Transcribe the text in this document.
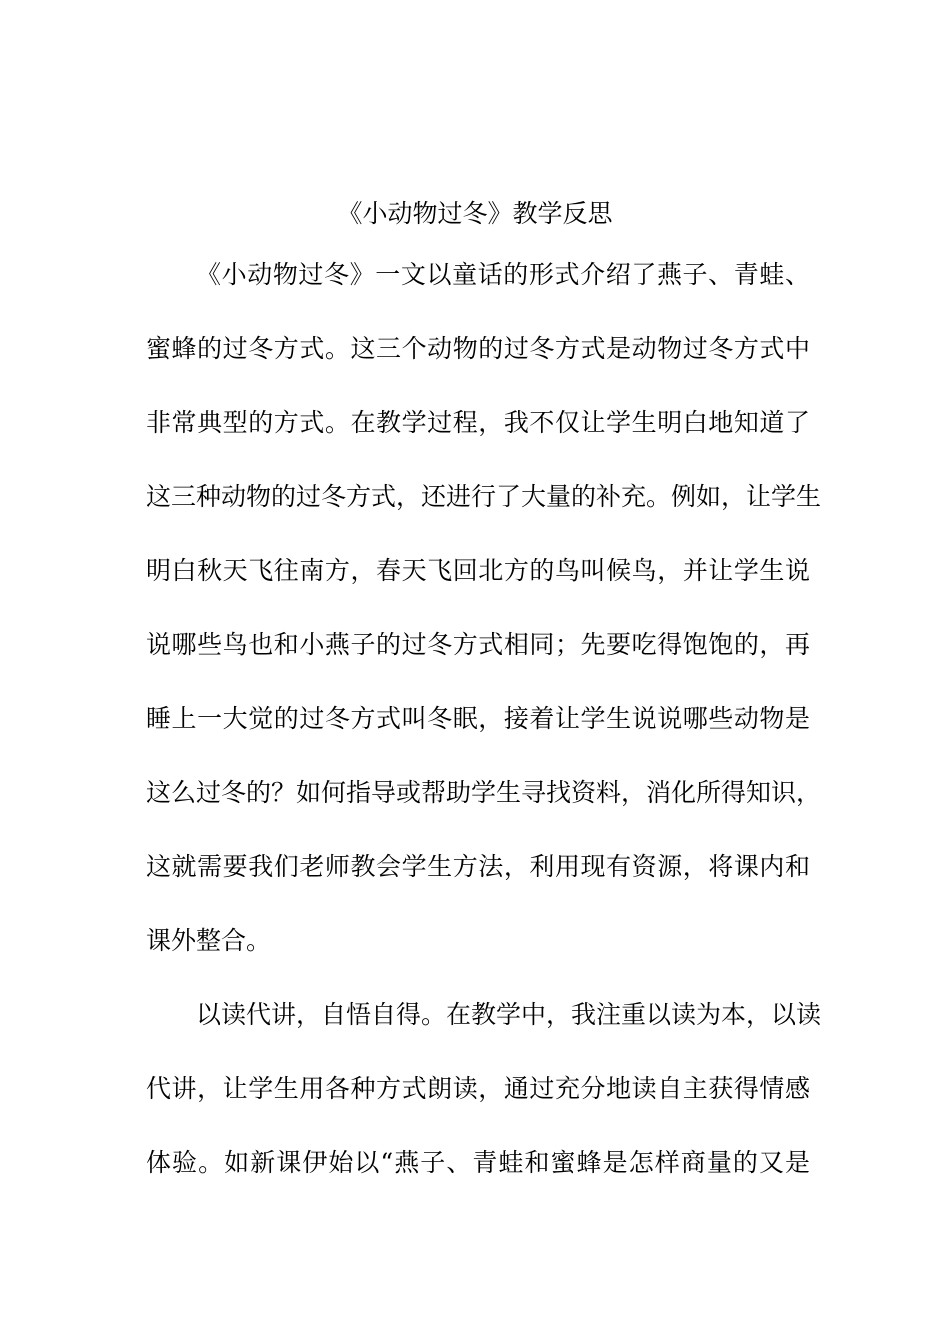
《小动物过冬》教学反思
《小动物过冬》一文以童话的形式介绍了燕子、青蛙、
蜜蜂的过冬方式。这三个动物的过冬方式是动物过冬方式中
非常典型的方式。在教学过程，我不仅让学生明白地知道了
这三种动物的过冬方式，还进行了大量的补充。例如，让学生
明白秋天飞往南方，春天飞回北方的鸟叫候鸟，并让学生说
说哪些鸟也和小燕子的过冬方式相同；先要吃得饱饱的，再
睡上一大觉的过冬方式叫冬眠，接着让学生说说哪些动物是
这么过冬的？如何指导或帮助学生寻找资料，消化所得知识，
这就需要我们老师教会学生方法，利用现有资源，将课内和
课外整合。
以读代讲，自悟自得。在教学中，我注重以读为本，以读
代讲，让学生用各种方式朗读，通过充分地读自主获得情感
体验。如新课伊始以“燕子、青蛙和蜜蜂是怎样商量的又是
